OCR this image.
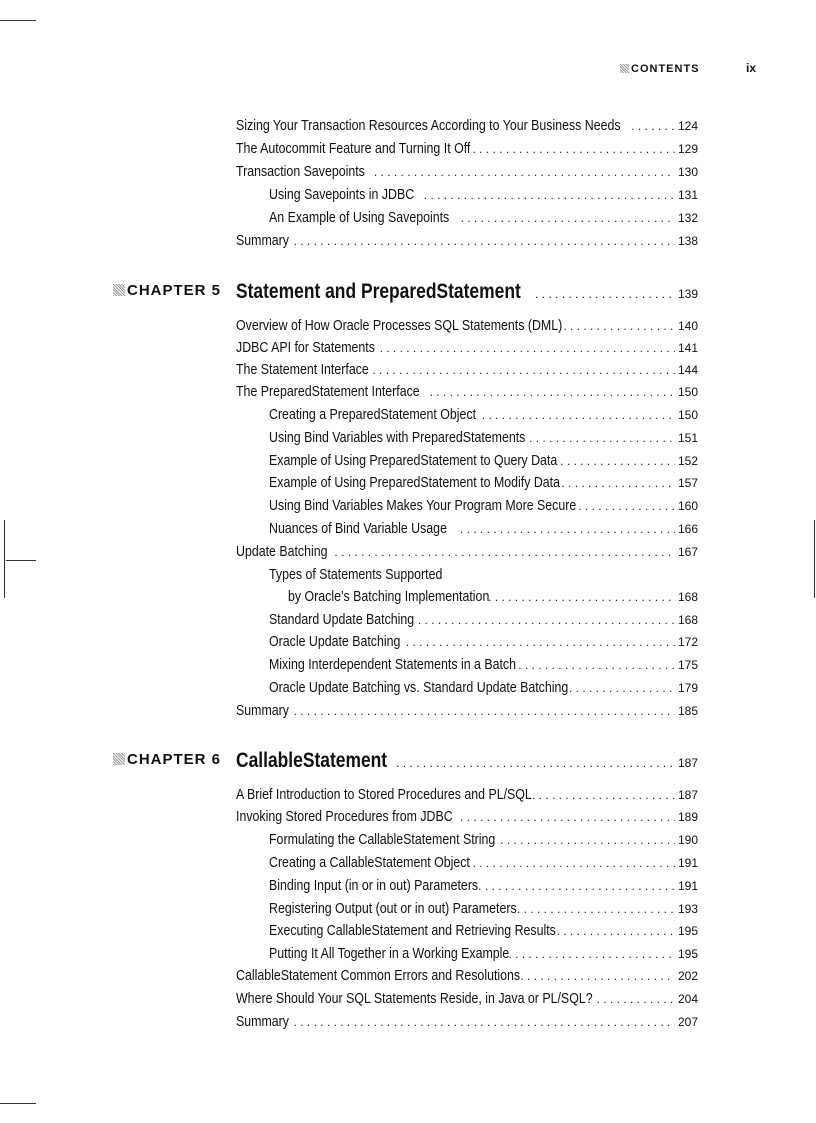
CONTENTS	ix
Sizing Your Transaction Resources According to Your Business Needs . . .	124
The Autocommit Feature and Turning It Off . . .	129
Transaction Savepoints . . .	130
Using Savepoints in JDBC . . .	131
An Example of Using Savepoints . . .	132
Summary . . .	138
CHAPTER 5 Statement and PreparedStatement . . .	139
Overview of How Oracle Processes SQL Statements (DML) . . .	140
JDBC API for Statements . . .	141
The Statement Interface . . .	144
The PreparedStatement Interface . . .	150
Creating a PreparedStatement Object . . .	150
Using Bind Variables with PreparedStatements . . .	151
Example of Using PreparedStatement to Query Data . . .	152
Example of Using PreparedStatement to Modify Data . . .	157
Using Bind Variables Makes Your Program More Secure . . .	160
Nuances of Bind Variable Usage . . .	166
Update Batching . . .	167
Types of Statements Supported
by Oracle’s Batching Implementation . . .	168
Standard Update Batching . . .	168
Oracle Update Batching . . .	172
Mixing Interdependent Statements in a Batch . . .	175
Oracle Update Batching vs. Standard Update Batching . . .	179
Summary . . .	185
CHAPTER 6 CallableStatement . . .	187
A Brief Introduction to Stored Procedures and PL/SQL . . .	187
Invoking Stored Procedures from JDBC . . .	189
Formulating the CallableStatement String . . .	190
Creating a CallableStatement Object . . .	191
Binding Input (in or in out) Parameters . . .	191
Registering Output (out or in out) Parameters . . .	193
Executing CallableStatement and Retrieving Results . . .	195
Putting It All Together in a Working Example . . .	195
CallableStatement Common Errors and Resolutions . . .	202
Where Should Your SQL Statements Reside, in Java or PL/SQL? . . .	204
Summary . . .	207
